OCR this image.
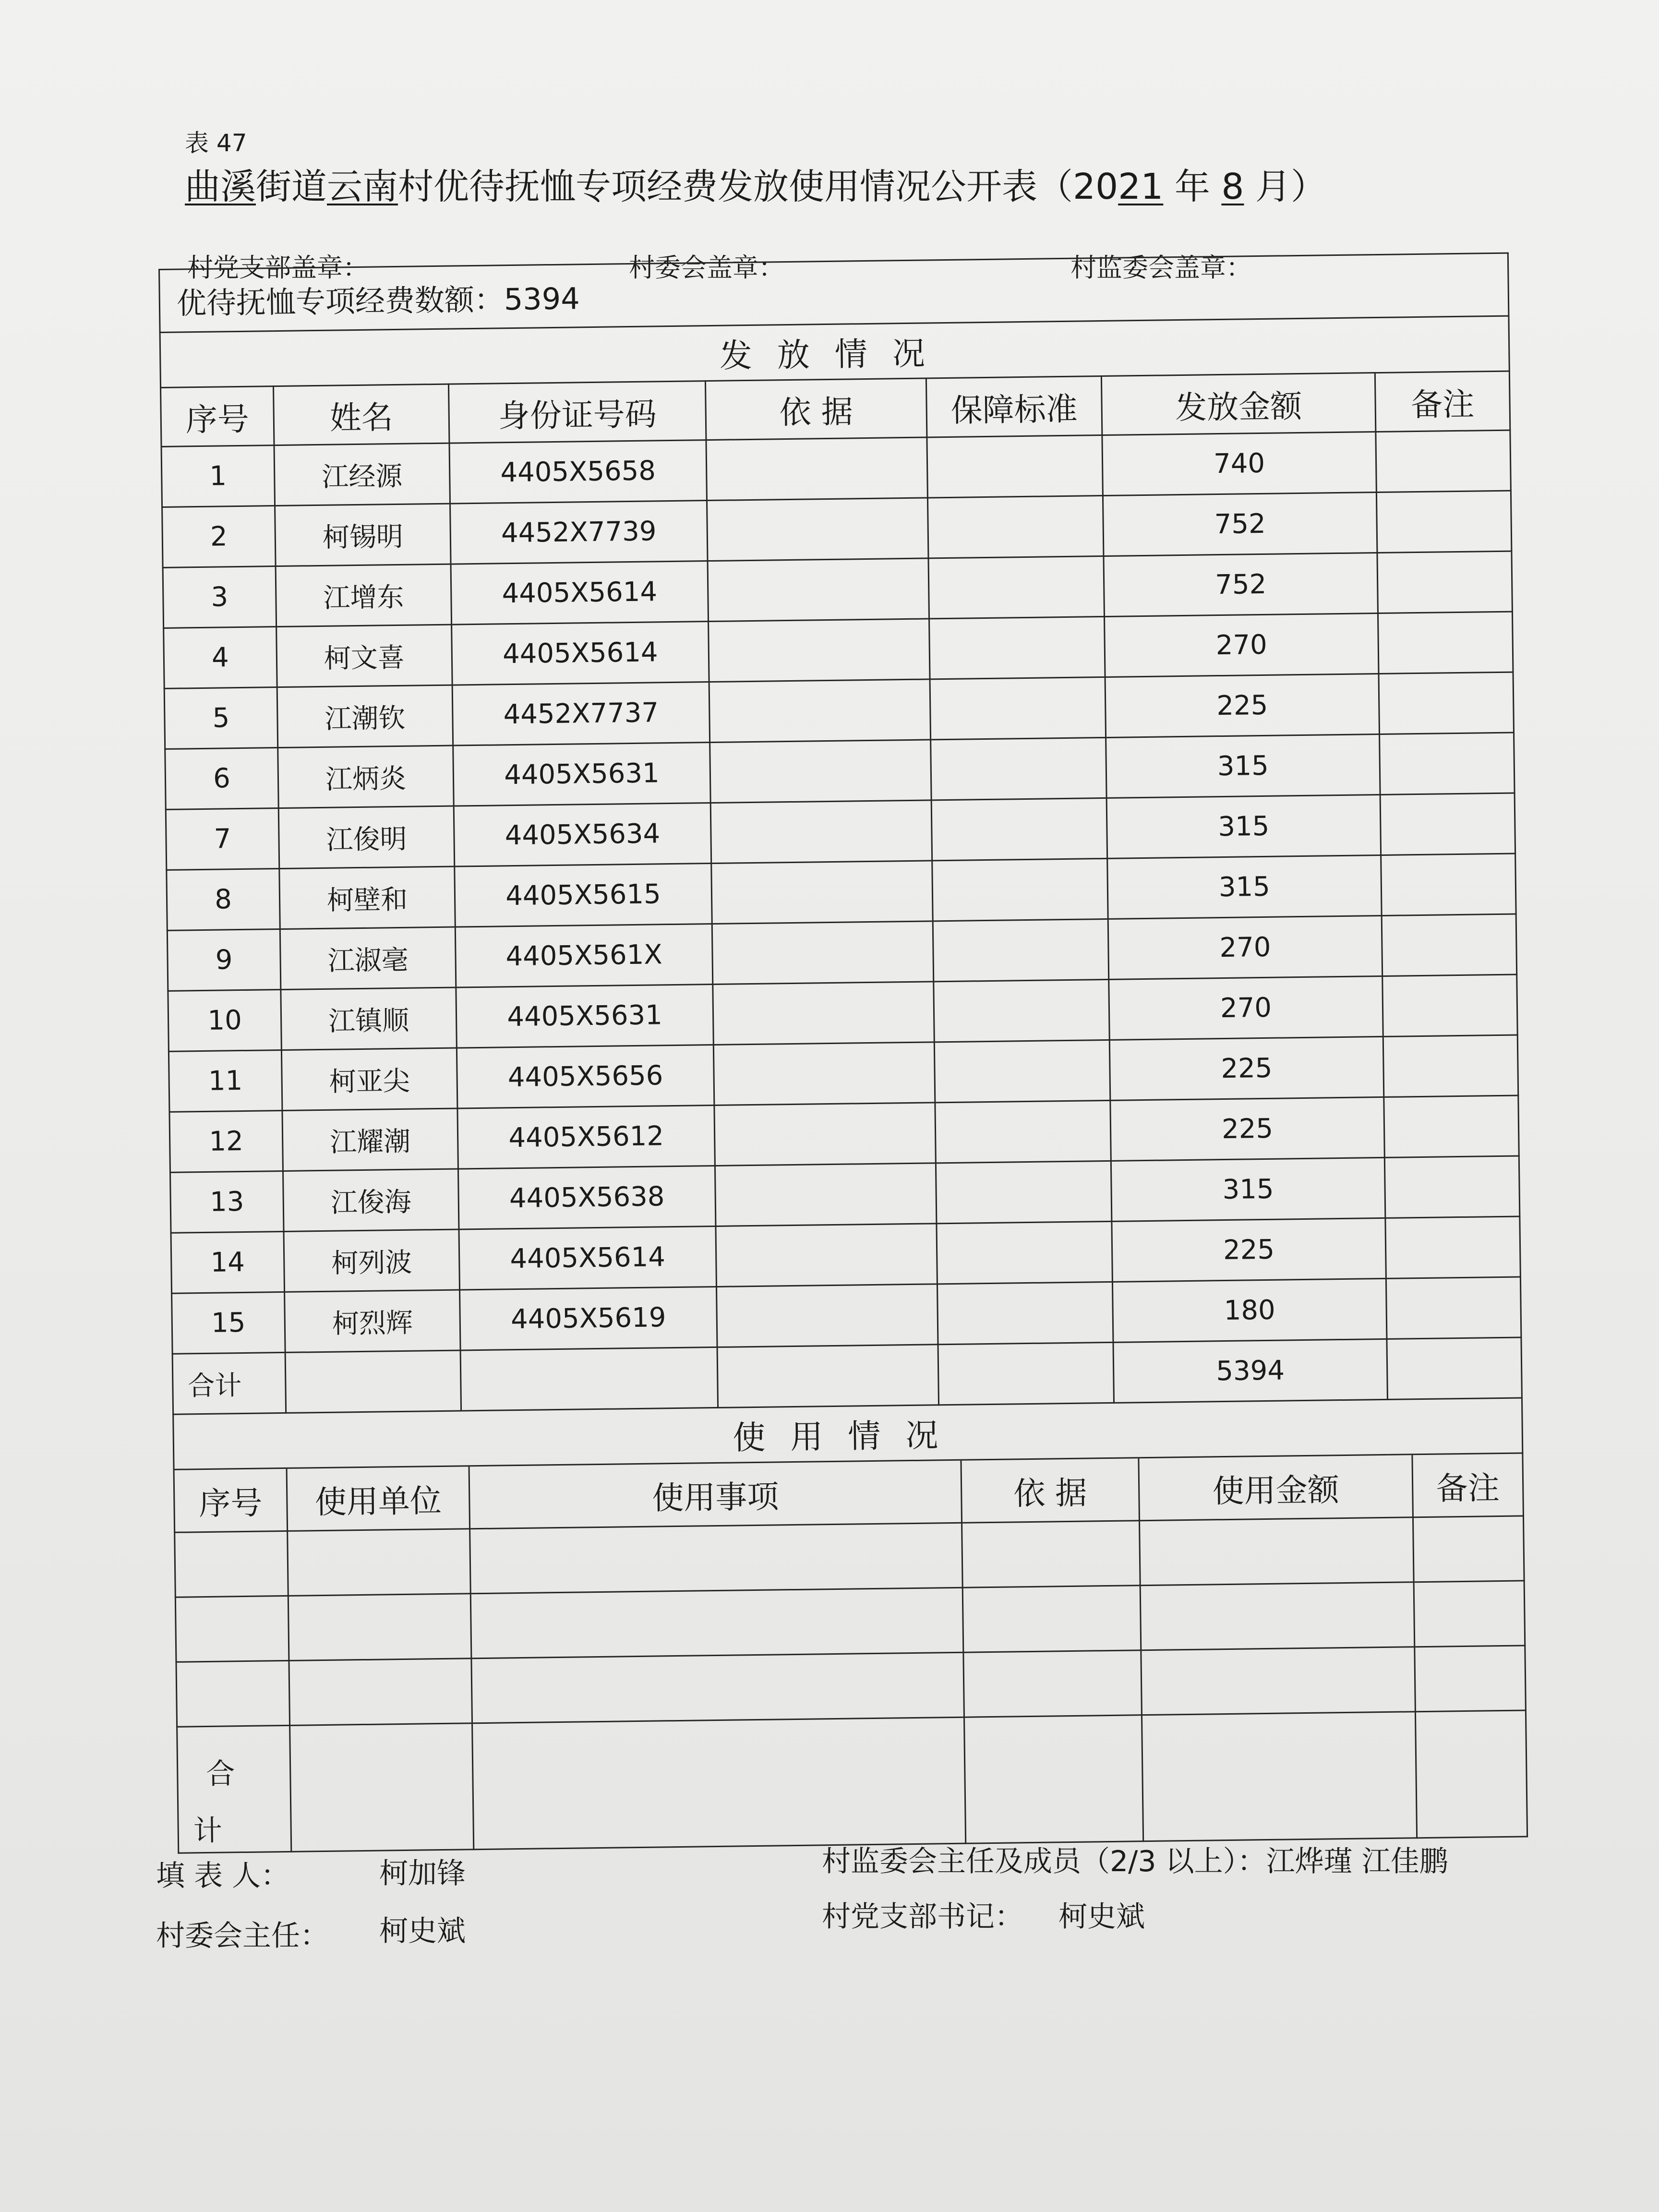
表 47
曲溪街道云南村优待抚恤专项经费发放使用情况公开表（2021 年 8 月）
村党支部盖章：	村委会盖章：	村监委会盖章：
优待抚恤专项经费数额：5394						
发放情况						
序号	姓名	身份证号码	依 据	保障标准	发放金额	备注
1	江经源	4405X5658			740	
2	柯锡明	4452X7739			752	
3	江增东	4405X5614			752	
4	柯文喜	4405X5614			270	
5	江潮钦	4452X7737			225	
6	江炳炎	4405X5631			315	
7	江俊明	4405X5634			315	
8	柯壁和	4405X5615			315	
9	江淑毫	4405X561X			270	
10	江镇顺	4405X5631			270	
11	柯亚尖	4405X5656			225	
12	江耀潮	4405X5612			225	
13	江俊海	4405X5638			315	
14	柯列波	4405X5614			225	
15	柯烈辉	4405X5619			180	
合计					5394	
使用情况						
序号	使用单位	使用事项	依 据	使用金额	备注

合
计					

填 表 人：	柯加锋
村委会主任： 柯史斌
村监委会主任及成员（2/3 以上）：江烨瑾 江佳鹏
村党支部书记： 柯史斌
